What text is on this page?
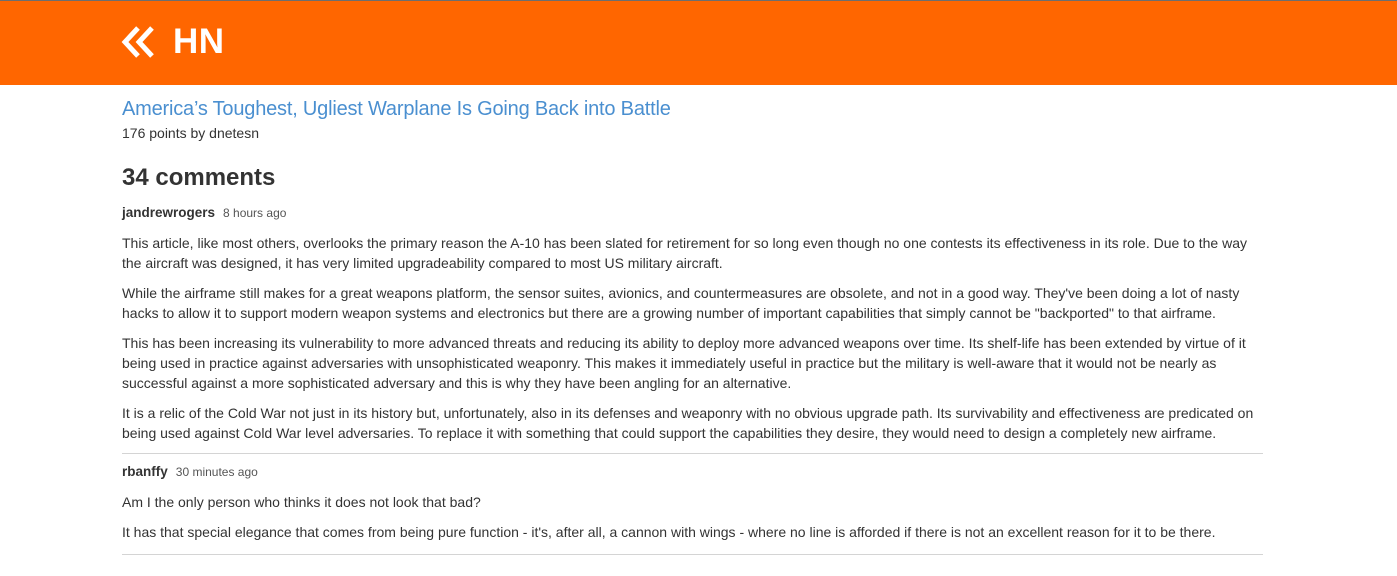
HN
America’s Toughest, Ugliest Warplane Is Going Back into Battle
176 points by dnetesn
34 comments
jandrewrogers 8 hours ago

This article, like most others, overlooks the primary reason the A-10 has been slated for retirement for so long even though no one contests its effectiveness in its role. Due to the way the aircraft was designed, it has very limited upgradeability compared to most US military aircraft.

While the airframe still makes for a great weapons platform, the sensor suites, avionics, and countermeasures are obsolete, and not in a good way. They've been doing a lot of nasty hacks to allow it to support modern weapon systems and electronics but there are a growing number of important capabilities that simply cannot be "backported" to that airframe.

This has been increasing its vulnerability to more advanced threats and reducing its ability to deploy more advanced weapons over time. Its shelf-life has been extended by virtue of it being used in practice against adversaries with unsophisticated weaponry. This makes it immediately useful in practice but the military is well-aware that it would not be nearly as successful against a more sophisticated adversary and this is why they have been angling for an alternative.

It is a relic of the Cold War not just in its history but, unfortunately, also in its defenses and weaponry with no obvious upgrade path. Its survivability and effectiveness are predicated on being used against Cold War level adversaries. To replace it with something that could support the capabilities they desire, they would need to design a completely new airframe.

rbanffy 30 minutes ago

Am I the only person who thinks it does not look that bad?

It has that special elegance that comes from being pure function - it's, after all, a cannon with wings - where no line is afforded if there is not an excellent reason for it to be there.
